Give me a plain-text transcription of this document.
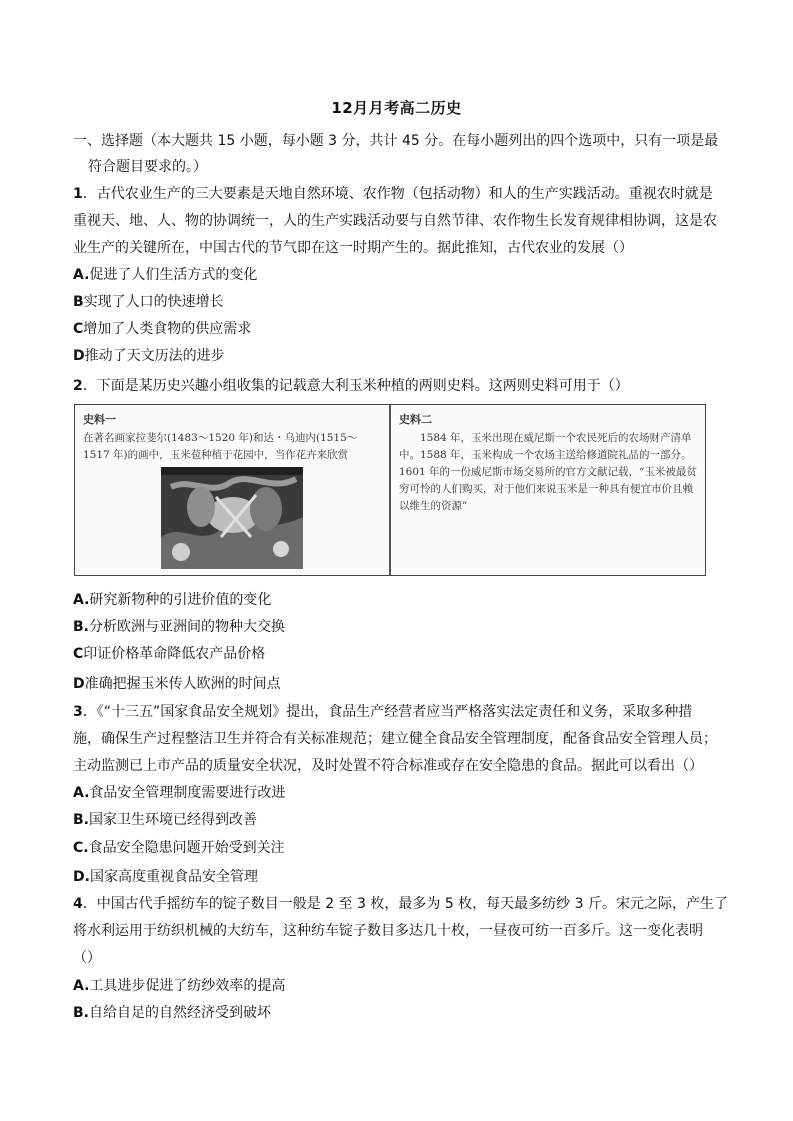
12月月考高二历史
一、选择题（本大题共 15 小题，每小题 3 分，共计 45 分。在每小题列出的四个选项中，只有一项是最
符合题目要求的。）
1．古代农业生产的三大要素是天地自然环境、农作物（包括动物）和人的生产实践活动。重视农时就是
重视天、地、人、物的协调统一，人的生产实践活动要与自然节律、农作物生长发育规律相协调，这是农
业生产的关键所在，中国古代的节气即在这一时期产生的。据此推知，古代农业的发展（）
A.促进了人们生活方式的变化
B实现了人口的快速增长
C增加了人类食物的供应需求
D推动了天文历法的进步
2．下面是某历史兴趣小组收集的记载意大利玉米种植的两则史料。这两则史料可用于（）
史料一
在著名画家拉斐尔(1483～1520 年)和达・乌迪内(1515～1517 年)的画中，玉米苞种植于花园中，当作花卉来欣赏
史料二
1584 年，玉米出现在威尼斯一个农民死后的农场财产清单中。1588 年，玉米构成一个农场主送给修道院礼品的一部分。1601 年的一份威尼斯市场交易所的官方文献记载，“玉米被最贫穷可怜的人们购买，对于他们来说玉米是一种具有便宜市价且赖以维生的资源”
A.研究新物种的引进价值的变化
B.分析欧洲与亚洲间的物种大交换
C印证价格革命降低农产品价格
D准确把握玉米传人欧洲的时间点
3．《“十三五”国家食品安全规划》提出，食品生产经营者应当严格落实法定责任和义务，采取多种措
施，确保生产过程整洁卫生并符合有关标准规范；建立健全食品安全管理制度，配备食品安全管理人员；
主动监测已上市产品的质量安全状况，及时处置不符合标准或存在安全隐患的食品。据此可以看出（）
A.食品安全管理制度需要进行改进
B.国家卫生环境已经得到改善
C.食品安全隐患问题开始受到关注
D.国家高度重视食品安全管理
4．中国古代手摇纺车的锭子数目一般是 2 至 3 枚，最多为 5 枚，每天最多纺纱 3 斤。宋元之际，产生了
将水利运用于纺织机械的大纺车，这种纺车锭子数目多达几十枚，一昼夜可纺一百多斤。这一变化表明
（）
A.工具进步促进了纺纱效率的提高
B.自给自足的自然经济受到破坏
